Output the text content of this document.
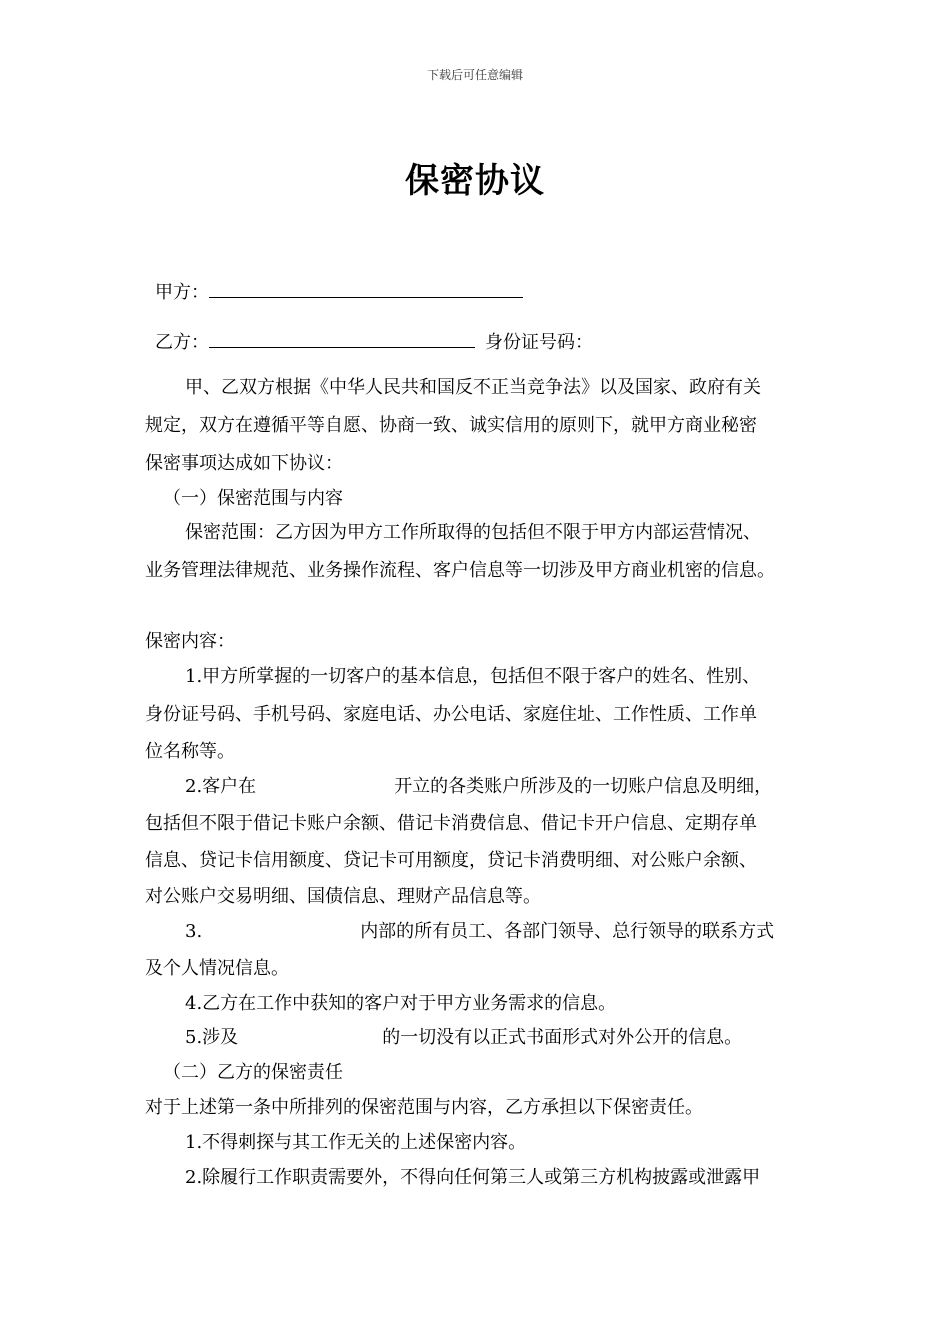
下载后可任意编辑
保密协议
甲方：
乙方：	身份证号码：
甲、乙双方根据《中华人民共和国反不正当竞争法》以及国家、政府有关
规定，双方在遵循平等自愿、协商一致、诚实信用的原则下，就甲方商业秘密
保密事项达成如下协议：
（一）保密范围与内容
保密范围：乙方因为甲方工作所取得的包括但不限于甲方内部运营情况、
业务管理法律规范、业务操作流程、客户信息等一切涉及甲方商业机密的信息。
保密内容：
1.甲方所掌握的一切客户的基本信息，包括但不限于客户的姓名、性别、
身份证号码、手机号码、家庭电话、办公电话、家庭住址、工作性质、工作单
位名称等。
2.客户在	开立的各类账户所涉及的一切账户信息及明细，
包括但不限于借记卡账户余额、借记卡消费信息、借记卡开户信息、定期存单
信息、贷记卡信用额度、贷记卡可用额度，贷记卡消费明细、对公账户余额、
对公账户交易明细、国债信息、理财产品信息等。
3.	内部的所有员工、各部门领导、总行领导的联系方式
及个人情况信息。
4.乙方在工作中获知的客户对于甲方业务需求的信息。
5.涉及	的一切没有以正式书面形式对外公开的信息。
（二）乙方的保密责任
对于上述第一条中所排列的保密范围与内容，乙方承担以下保密责任。
1.不得刺探与其工作无关的上述保密内容。
2.除履行工作职责需要外，不得向任何第三人或第三方机构披露或泄露甲
